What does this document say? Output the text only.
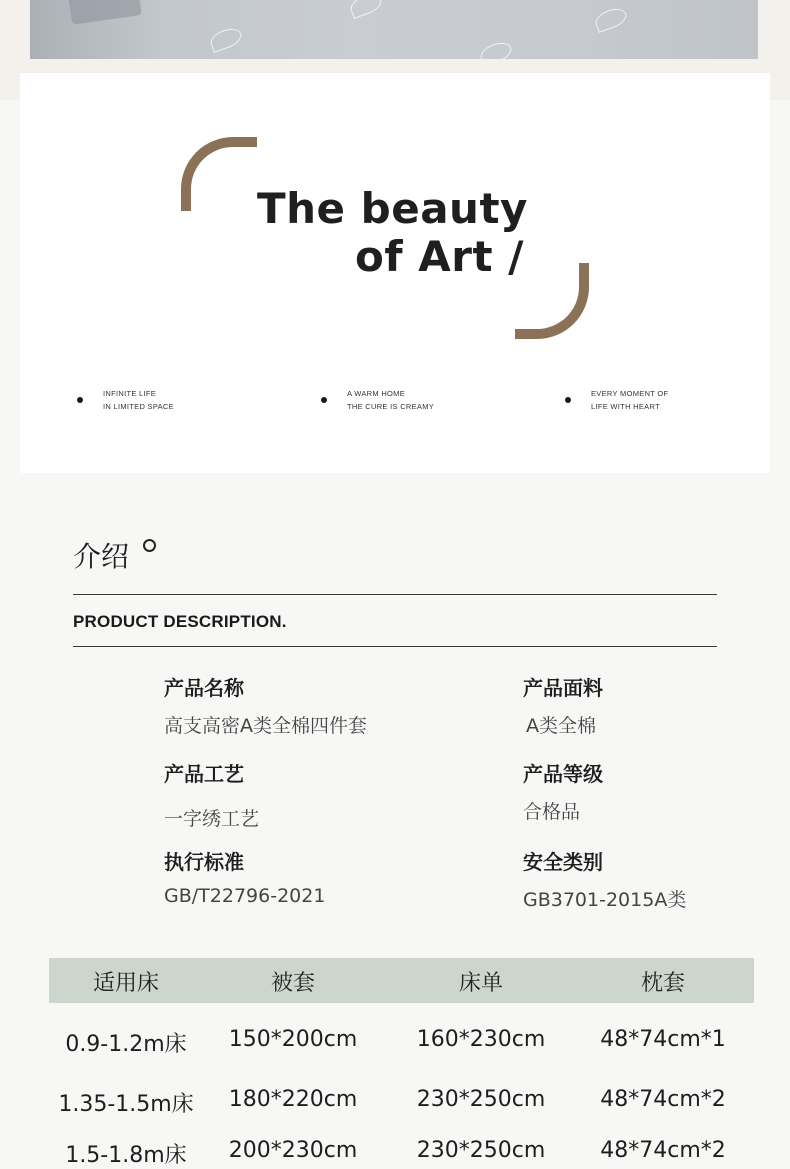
The beauty
of Art /
INFINITE LIFE
IN LIMITED SPACE
A WARM HOME
THE CURE IS CREAMY
EVERY MOMENT OF
LIFE WITH HEART
介绍
PRODUCT DESCRIPTION.
产品名称
高支高密A类全棉四件套
产品面料
A类全棉
产品工艺
一字绣工艺
产品等级
合格品
执行标准
GB/T22796-2021
安全类别
GB3701-2015A类
适用床	被套	床单	枕套
0.9-1.2m床 150*200cm	160*230cm 48*74cm*1
1.35-1.5m床 180*220cm	230*250cm 48*74cm*2
1.5-1.8m床 200*230cm	230*250cm 48*74cm*2
